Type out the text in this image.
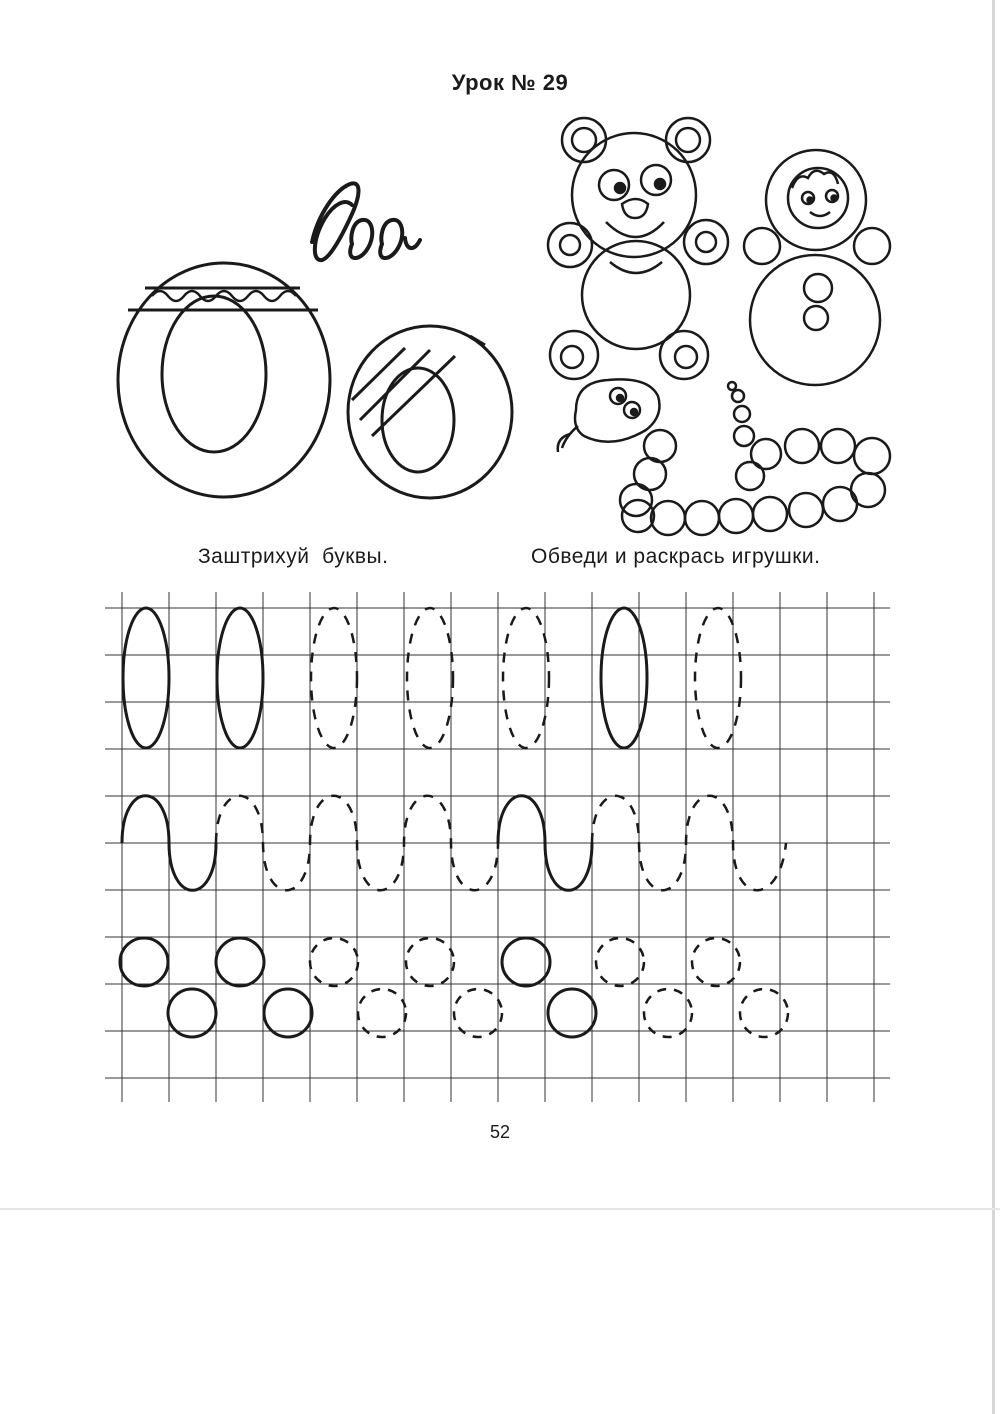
Урок № 29
Ооо
Заштрихуй  буквы.	Обведи и раскрась игрушки.
52
